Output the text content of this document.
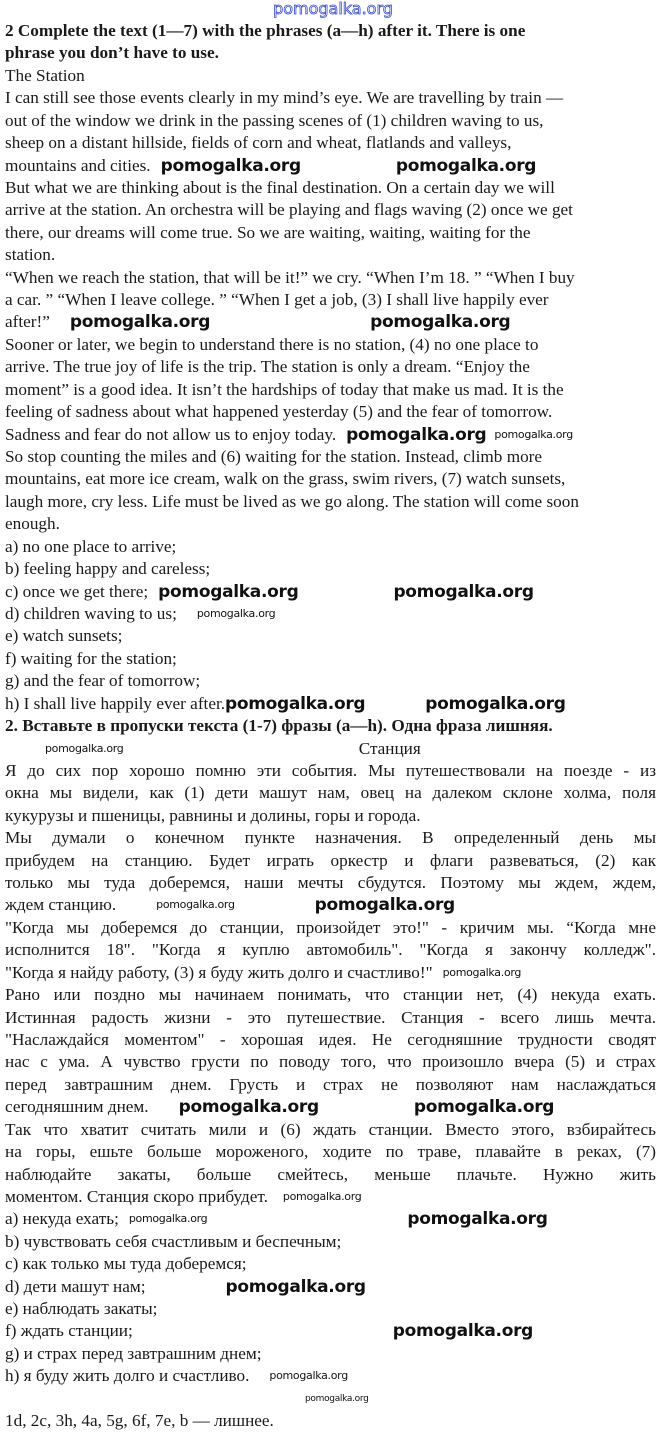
pomogalka.org
2 Complete the text (1—7) with the phrases (a—h) after it. There is one
phrase you don’t have to use.
The Station
I can still see those events clearly in my mind’s eye. We are travelling by train —
out of the window we drink in the passing scenes of (1) children waving to us,
sheep on a distant hillside, fields of corn and wheat, flatlands and valleys,
mountains and cities. pomogalka.org	pomogalka.org
But what we are thinking about is the final destination. On a certain day we will
arrive at the station. An orchestra will be playing and flags waving (2) once we get
there, our dreams will come true. So we are waiting, waiting, waiting for the
station.
“When we reach the station, that will be it!” we cry. “When I’m 18. ” “When I buy
a car. ” “When I leave college. ” “When I get a job, (3) I shall live happily ever
after!” pomogalka.org	pomogalka.org
Sooner or later, we begin to understand there is no station, (4) no one place to
arrive. The true joy of life is the trip. The station is only a dream. “Enjoy the
moment” is a good idea. It isn’t the hardships of today that make us mad. It is the
feeling of sadness about what happened yesterday (5) and the fear of tomorrow.
Sadness and fear do not allow us to enjoy today. pomogalka.org pomogalka.org
So stop counting the miles and (6) waiting for the station. Instead, climb more
mountains, eat more ice cream, walk on the grass, swim rivers, (7) watch sunsets,
laugh more, cry less. Life must be lived as we go along. The station will come soon
enough.
a) no one place to arrive;
b) feeling happy and careless;
c) once we get there; pomogalka.org	pomogalka.org
d) children waving to us; pomogalka.org
e) watch sunsets;
f) waiting for the station;
g) and the fear of tomorrow;
h) I shall live happily ever after.pomogalka.org	pomogalka.org
2. Вставьте в пропуски текста (1-7) фразы (a—h). Одна фраза лишняя.
pomogalka.org	Станция
Я до сих пор хорошо помню эти события. Мы путешествовали на поезде - из
окна мы видели, как (1) дети машут нам, овец на далеком склоне холма, поля
кукурузы и пшеницы, равнины и долины, горы и города.
Мы думали о конечном пункте назначения. В определенный день мы
прибудем на станцию. Будет играть оркестр и флаги развеваться, (2) как
только мы туда доберемся, наши мечты сбудутся. Поэтому мы ждем, ждем,
ждем станцию.	pomogalka.org	pomogalka.org
"Когда мы доберемся до станции, произойдет это!" - кричим мы. “Когда мне
исполнится 18". "Когда я куплю автомобиль". "Когда я закончу колледж".
"Когда я найду работу, (3) я буду жить долго и счастливо!" pomogalka.org
Рано или поздно мы начинаем понимать, что станции нет, (4) некуда ехать.
Истинная радость жизни - это путешествие. Станция - всего лишь мечта.
"Наслаждайся моментом" - хорошая идея. Не сегодняшние трудности сводят
нас с ума. А чувство грусти по поводу того, что произошло вчера (5) и страх
перед завтрашним днем. Грусть и страх не позволяют нам наслаждаться
сегодняшним днем. pomogalka.org	pomogalka.org
Так что хватит считать мили и (6) ждать станции. Вместо этого, взбирайтесь
на горы, ешьте больше мороженого, ходите по траве, плавайте в реках, (7)
наблюдайте закаты, больше смейтесь, меньше плачьте. Нужно жить
моментом. Станция скоро прибудет. pomogalka.org
a) некуда ехать; pomogalka.org	pomogalka.org
b) чувствовать себя счастливым и беспечным;
c) как только мы туда доберемся;
d) дети машут нам;	pomogalka.org
e) наблюдать закаты;
f) ждать станции;	pomogalka.org
g) и страх перед завтрашним днем;
h) я буду жить долго и счастливо. pomogalka.org
pomogalka.org
1d, 2c, 3h, 4a, 5g, 6f, 7e, b — лишнее.
